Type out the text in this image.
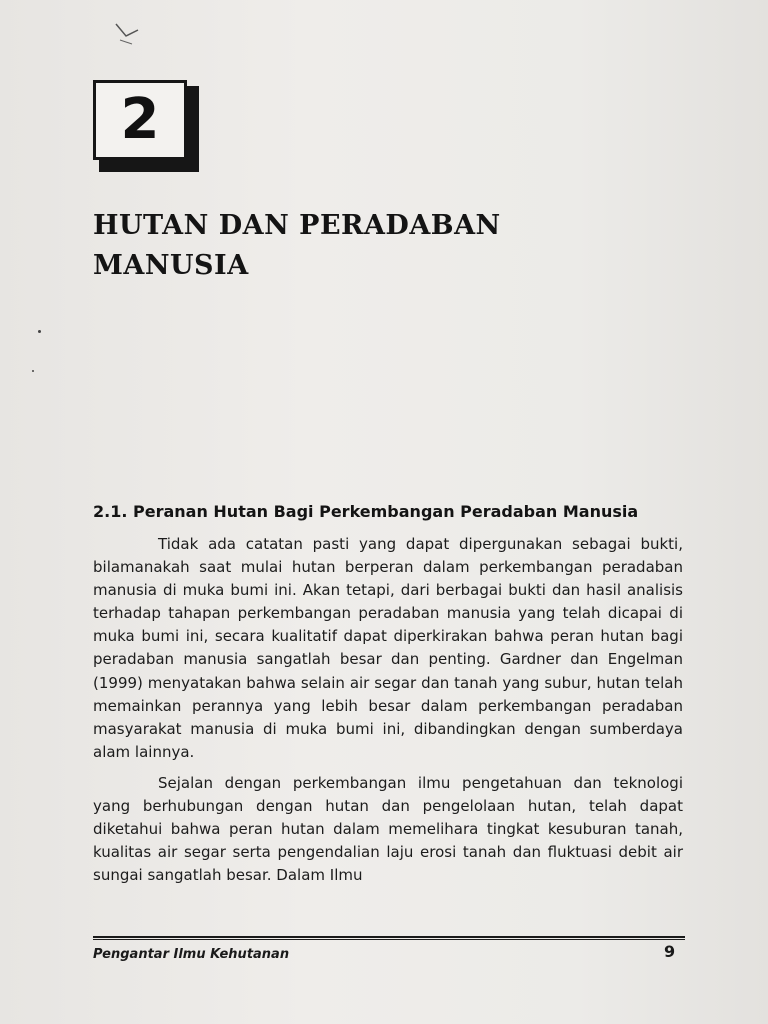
2
HUTAN DAN PERADABAN MANUSIA
2.1. Peranan Hutan Bagi Perkembangan Peradaban Manusia

Tidak ada catatan pasti yang dapat dipergunakan sebagai bukti, bilamanakah saat mulai hutan berperan dalam perkembangan peradaban manusia di muka bumi ini. Akan tetapi, dari berbagai bukti dan hasil analisis terhadap tahapan perkembangan peradaban manusia yang telah dicapai di muka bumi ini, secara kualitatif dapat diperkirakan bahwa peran hutan bagi peradaban manusia sangatlah besar dan penting. Gardner dan Engelman (1999) menyatakan bahwa selain air segar dan tanah yang subur, hutan telah memainkan perannya yang lebih besar dalam perkembangan peradaban masyarakat manusia di muka bumi ini, dibandingkan dengan sumberdaya alam lainnya.

Sejalan dengan perkembangan ilmu pengetahuan dan teknologi yang berhubungan dengan hutan dan pengelolaan hutan, telah dapat diketahui bahwa peran hutan dalam memelihara tingkat kesuburan tanah, kualitas air segar serta pengendalian laju erosi tanah dan fluktuasi debit air sungai sangatlah besar. Dalam Ilmu

Pengantar Ilmu Kehutanan	9
